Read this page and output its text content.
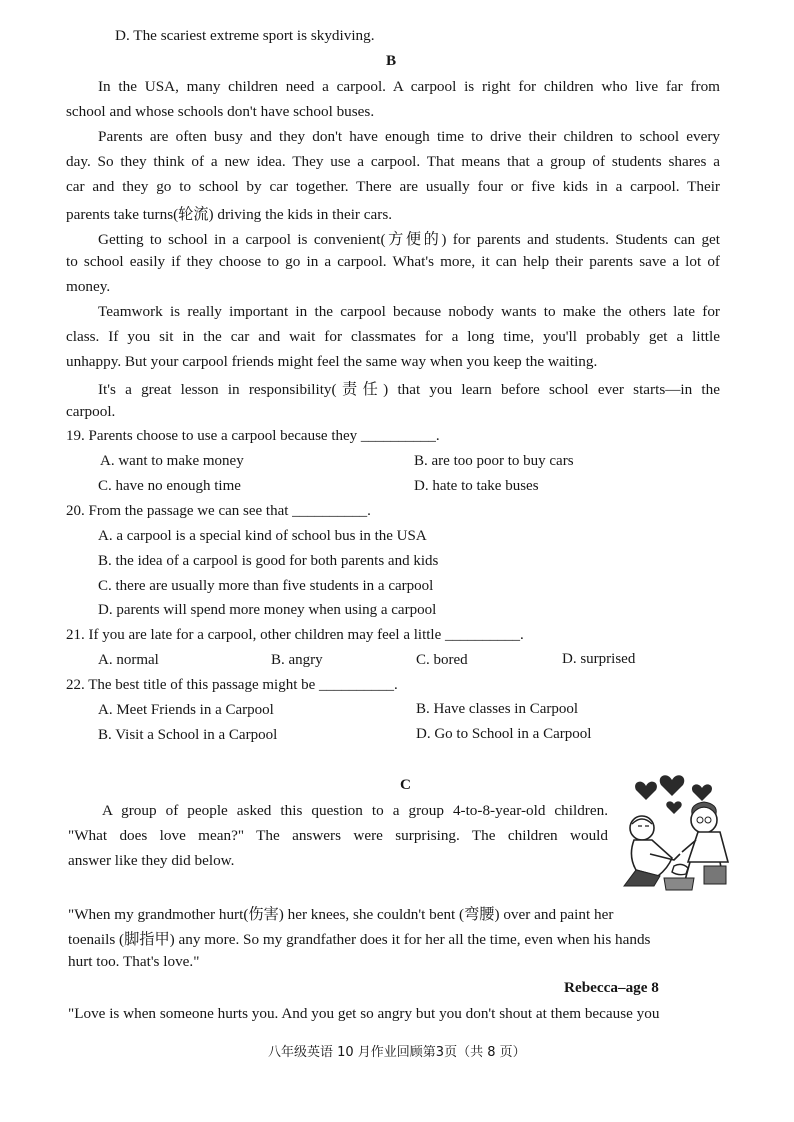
D. The scariest extreme sport is skydiving.
B
In the USA, many children need a carpool. A carpool is right for children who live far from
school and whose schools don't have school buses.
Parents are often busy and they don't have enough time to drive their children to school every
day. So they think of a new idea. They use a carpool. That means that a group of students shares a
car and they go to school by car together. There are usually four or five kids in a carpool. Their
parents take turns(轮流) driving the kids in their cars.
Getting to school in a carpool is convenient(方便的) for parents and students. Students can get
to school easily if they choose to go in a carpool. What's more, it can help their parents save a lot of
money.
Teamwork is really important in the carpool because nobody wants to make the others late for
class. If you sit in the car and wait for classmates for a long time, you'll probably get a little
unhappy. But your carpool friends might feel the same way when you keep the waiting.
It's a great lesson in responsibility(责任) that you learn before school ever starts—in the
carpool.
19. Parents choose to use a carpool because they __________.
A. want to make money	B. are too poor to buy cars
C. have no enough time	D. hate to take buses
20. From the passage we can see that __________.
A. a carpool is a special kind of school bus in the USA
B. the idea of a carpool is good for both parents and kids
C. there are usually more than five students in a carpool
D. parents will spend more money when using a carpool
21. If you are late for a carpool, other children may feel a little __________.
A. normal	B. angry	C. bored	D. surprised
22. The best title of this passage might be __________.
A. Meet Friends in a Carpool	B. Have classes in Carpool
B. Visit a School in a Carpool	D. Go to School in a Carpool
C
A group of people asked this question to a group 4-to-8-year-old children.
"What does love mean?" The answers were surprising. The children would
answer like they did below.
"When my grandmother hurt(伤害) her knees, she couldn't bent (弯腰) over and paint her
toenails (脚指甲) any more. So my grandfather does it for her all the time, even when his hands
hurt too. That's love."
Rebecca–age 8
"Love is when someone hurts you. And you get so angry but you don't shout at them because you
八年级英语 10 月作业回顾第3页（共 8 页）
